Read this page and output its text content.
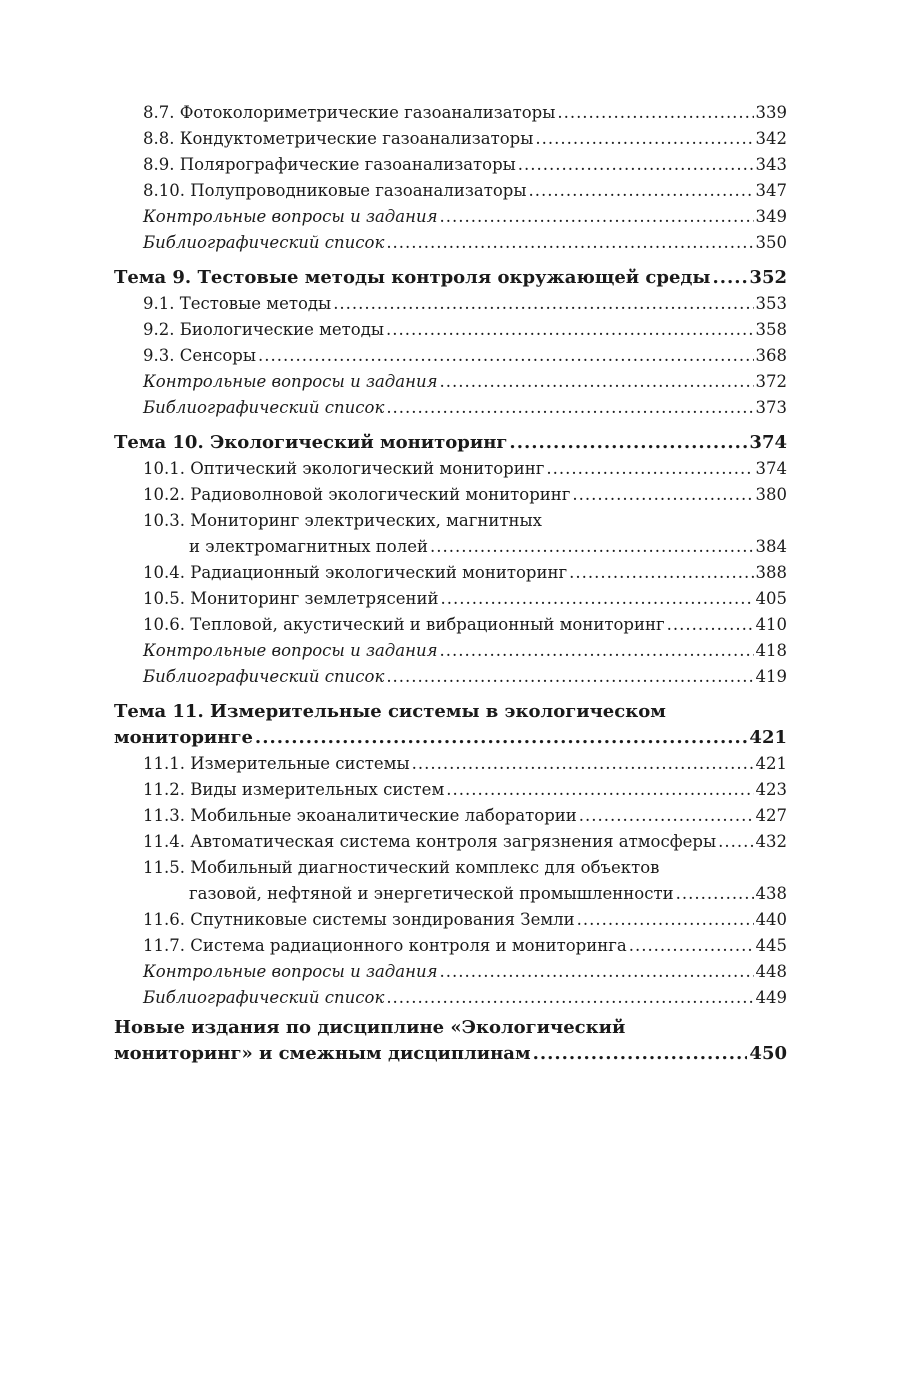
8.7. Фотоколориметрические газоанализаторы .....	339
8.8. Кондуктометрические газоанализаторы .....	342
8.9. Полярографические газоанализаторы .....	343
8.10. Полупроводниковые газоанализаторы .....	347
Контрольные вопросы и задания .....	349
Библиографический список .....	350
Тема 9. Тестовые методы контроля окружающей среды ..... 352
9.1. Тестовые методы .....	353
9.2. Биологические методы .....	358
9.3. Сенсоры .....	368
Контрольные вопросы и задания .....	372
Библиографический список .....	373
Тема 10. Экологический мониторинг .....	374
10.1. Оптический экологический мониторинг .....	374
10.2. Радиоволновой экологический мониторинг .....	380
10.3. Мониторинг электрических, магнитных
и электромагнитных полей .....	384
10.4. Радиационный экологический мониторинг .....	388
10.5. Мониторинг землетрясений .....	405
10.6. Тепловой, акустический и вибрационный мониторинг .....	410
Контрольные вопросы и задания .....	418
Библиографический список .....	419
Тема 11. Измерительные системы в экологическом
мониторинге .....	421
11.1. Измерительные системы .....	421
11.2. Виды измерительных систем .....	423
11.3. Мобильные экоаналитические лаборатории .....	427
11.4. Автоматическая система контроля загрязнения атмосферы ..... 432
11.5. Мобильный диагностический комплекс для объектов
газовой, нефтяной и энергетической промышленности .....	438
11.6. Спутниковые системы зондирования Земли .....	440
11.7. Система радиационного контроля и мониторинга .....	445
Контрольные вопросы и задания .....	448
Библиографический список .....	449
Новые издания по дисциплине «Экологический
мониторинг» и смежным дисциплинам .....	450
